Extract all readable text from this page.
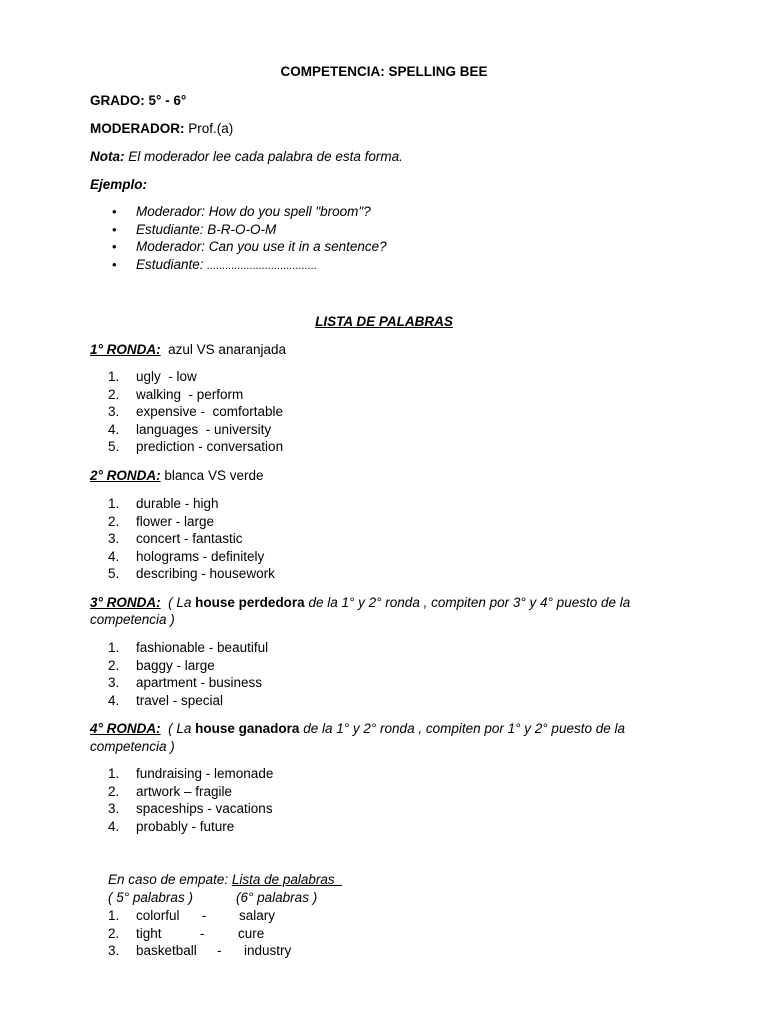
COMPETENCIA: SPELLING BEE
GRADO: 5° - 6°
MODERADOR: Prof.(a)
Nota: El moderador lee cada palabra de esta forma.
Ejemplo:
• Moderador: How do you spell "broom"?
• Estudiante: B-R-O-O-M
• Moderador: Can you use it in a sentence?
• Estudiante: ....................................
LISTA DE PALABRAS
1° RONDA:  azul VS anaranjada
1. ugly  - low
2. walking  - perform
3. expensive -  comfortable
4. languages  - university
5. prediction - conversation
2° RONDA: blanca VS verde
1. durable - high
2. flower - large
3. concert - fantastic
4. holograms - definitely
5. describing - housework
3° RONDA:  ( La house perdedora de la 1° y 2° ronda , compiten por 3° y 4° puesto de la
competencia )
1. fashionable - beautiful
2. baggy - large
3. apartment - business
4. travel - special
4° RONDA:  ( La house ganadora de la 1° y 2° ronda , compiten por 1° y 2° puesto de la
competencia )
1. fundraising - lemonade
2. artwork – fragile
3. spaceships - vacations
4. probably - future
En caso de empate: Lista de palabras
( 5° palabras )	(6° palabras )
1. colorful - salary
2. tight	- cure
3. basketball - industry
